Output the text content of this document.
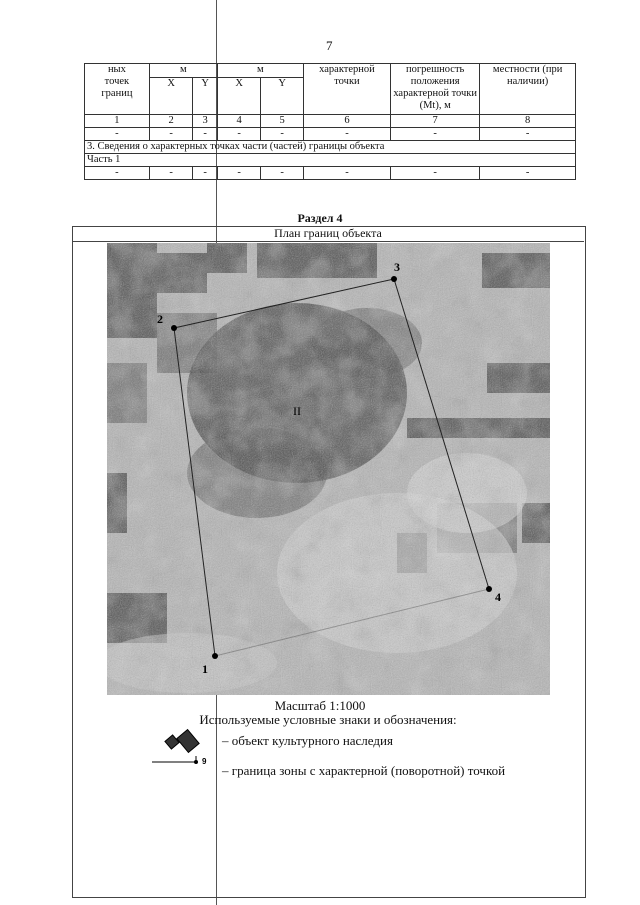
7
ных
точек
границ	м		м		характерной точки	погрешность положения характерной точки (Mt), м	местности (при наличии)
	X	Y	X	Y			
1	2	3	4	5	6	7	8
-	-	-	-	-	-	-	-
3. Сведения о характерных точках части (частей) границы объекта							
Часть 1							
-	-	-	-	-	-	-	-
Раздел 4
План границ объекта
1
2
3
4
II
Масштаб 1:1000
Используемые условные знаки и обозначения:
– объект культурного наследия
9
– граница зоны с характерной (поворотной) точкой
